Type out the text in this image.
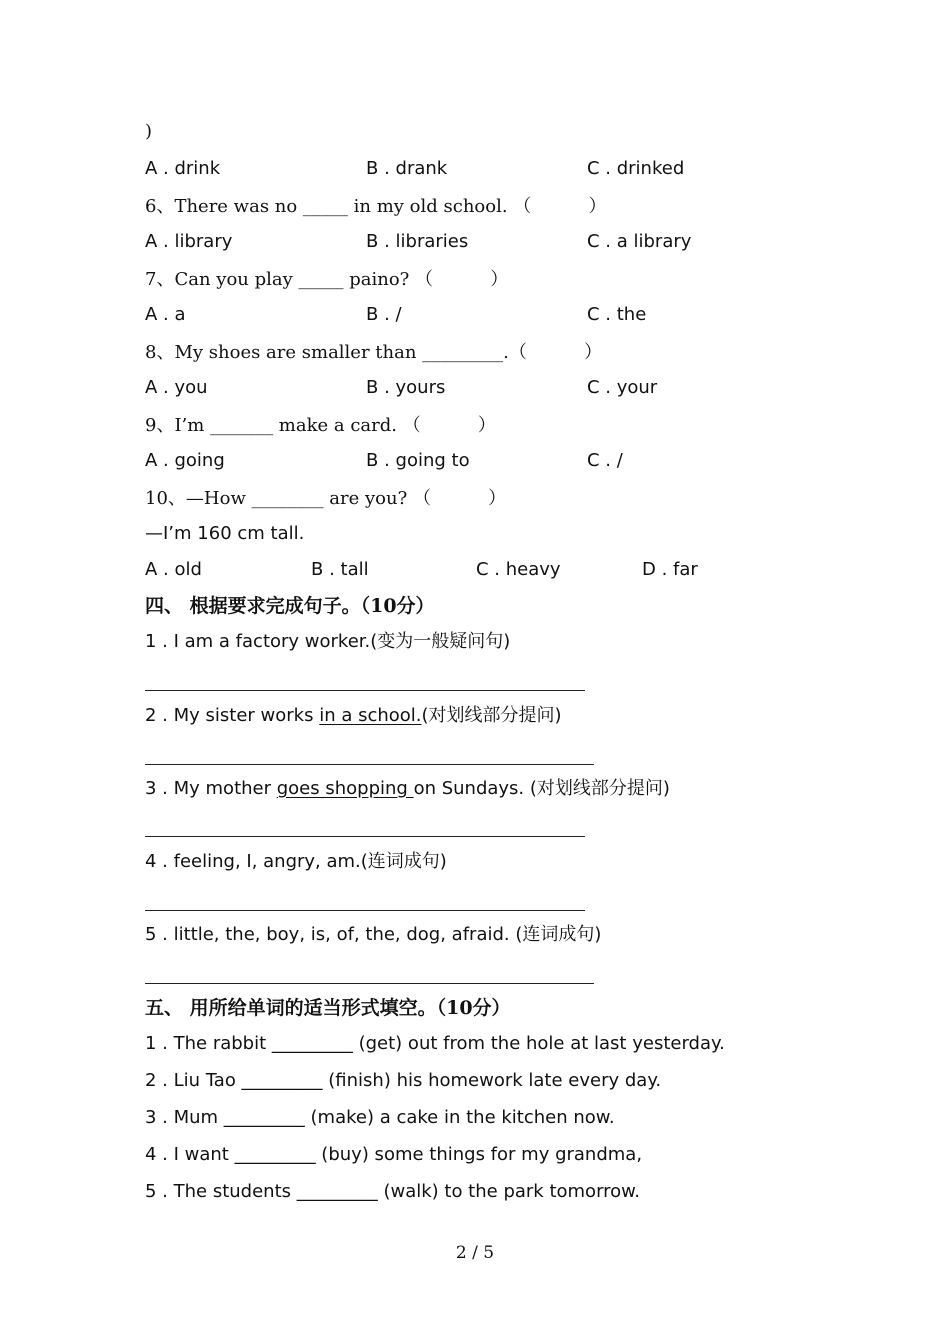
)
A . drink	B . drank	C . drinked
6、There was no _____ in my old school. （          ）
A . library	B . libraries	C . a library
7、Can you play _____ paino? （          ）
A . a	B . /	C . the
8、My shoes are smaller than _________.（          ）
A . you	B . yours	C . your
9、I’m _______ make a card. （          ）
A . going	B . going to	C . /
10、—How ________ are you? （          ）
—I’m 160 cm tall.
A . old	B . tall	C . heavy	D . far
四、 根据要求完成句子。（10分）
1 . I am a factory worker.(变为一般疑问句)
2 . My sister works in a school.(对划线部分提问)
3 . My mother goes shopping on Sundays. (对划线部分提问)
4 . feeling, I, angry, am.(连词成句)
5 . little, the, boy, is, of, the, dog, afraid. (连词成句)
五、 用所给单词的适当形式填空。（10分）
1 . The rabbit _________ (get) out from the hole at last yesterday.
2 . Liu Tao _________ (finish) his homework late every day.
3 . Mum _________ (make) a cake in the kitchen now.
4 . I want _________ (buy) some things for my grandma,
5 . The students _________ (walk) to the park tomorrow.
2 / 5
